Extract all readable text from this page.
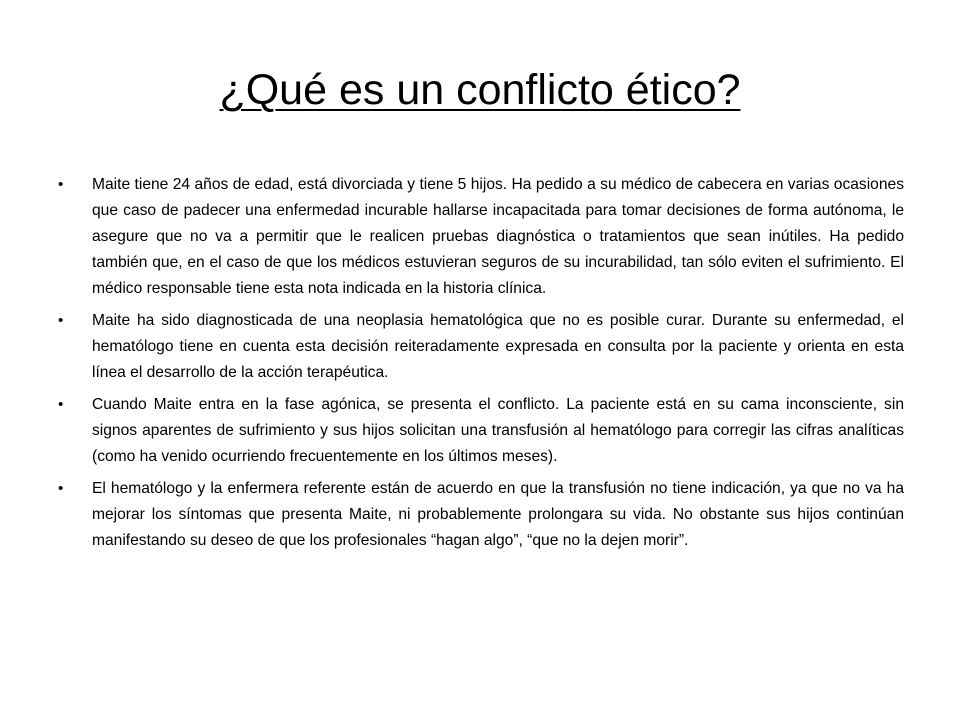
¿Qué es un conflicto ético?
•	Maite tiene 24 años de edad, está divorciada y tiene 5 hijos. Ha pedido a su médico de cabecera en varias ocasiones que caso de padecer una enfermedad incurable hallarse incapacitada para tomar decisiones de forma autónoma, le asegure que no va a permitir que le realicen pruebas diagnóstica o tratamientos que sean inútiles. Ha pedido también que, en el caso de que los médicos estuvieran seguros de su incurabilidad, tan sólo eviten el sufrimiento. El médico responsable tiene esta nota indicada en la historia clínica.
•	Maite ha sido diagnosticada de una neoplasia hematológica que no es posible curar. Durante su enfermedad, el hematólogo tiene en cuenta esta decisión reiteradamente expresada en consulta por la paciente y orienta en esta línea el desarrollo de la acción terapéutica.
•	Cuando Maite entra en la fase agónica, se presenta el conflicto. La paciente está en su cama inconsciente, sin signos aparentes de sufrimiento y sus hijos solicitan una transfusión al hematólogo para corregir las cifras analíticas (como ha venido ocurriendo frecuentemente en los últimos meses).
•	El hematólogo y la enfermera referente están de acuerdo en que la transfusión no tiene indicación, ya que no va ha mejorar los síntomas que presenta Maite, ni probablemente prolongara su vida. No obstante sus hijos continúan manifestando su deseo de que los profesionales “hagan algo”, “que no la dejen morir”.
